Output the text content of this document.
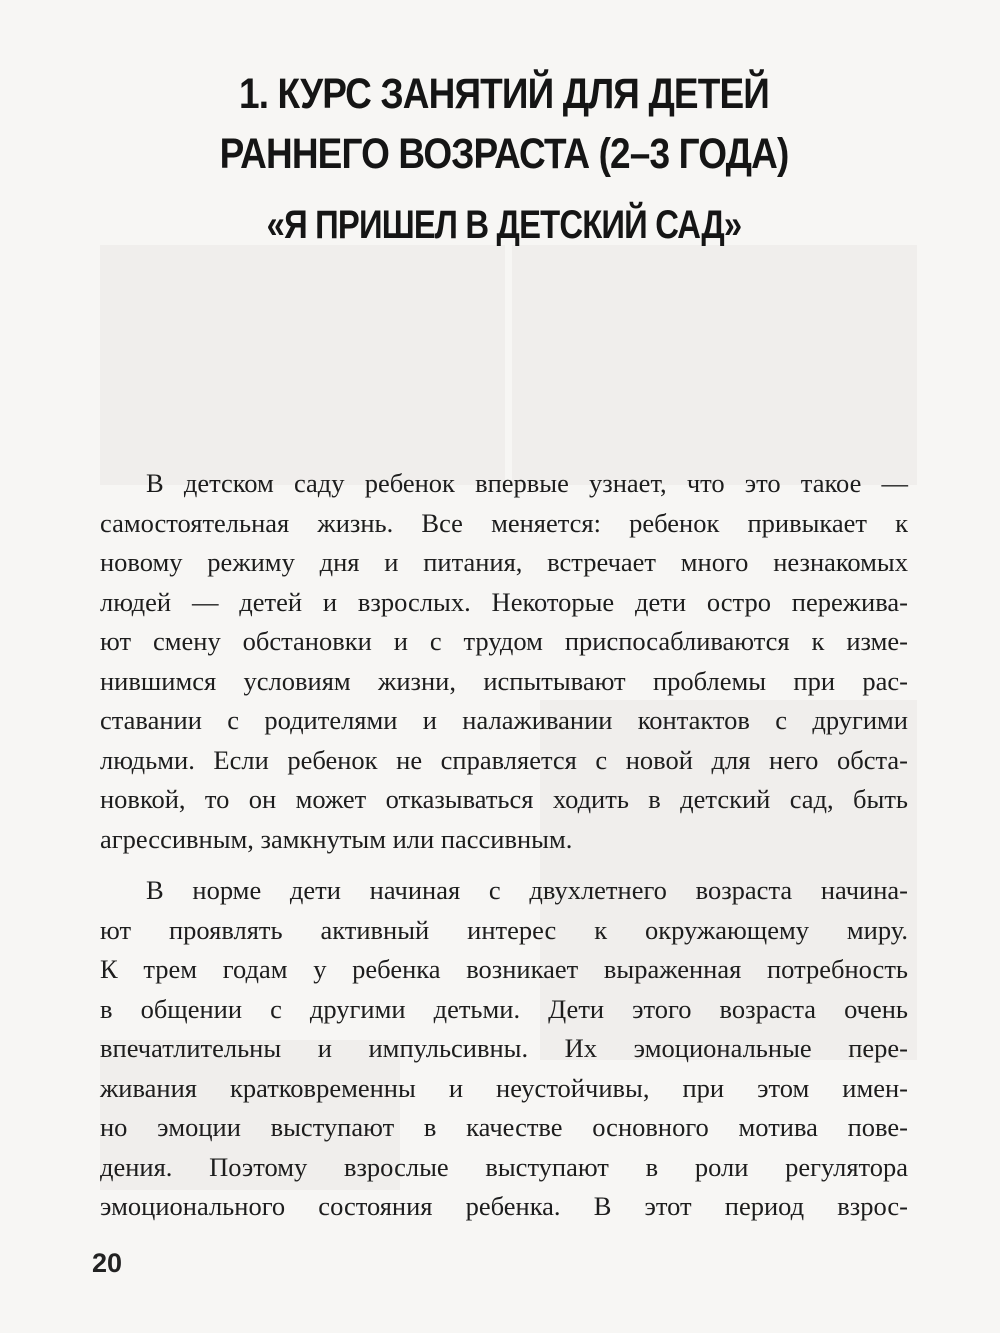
1. КУРС ЗАНЯТИЙ ДЛЯ ДЕТЕЙ
РАННЕГО ВОЗРАСТА (2–3 ГОДА)
«Я ПРИШЕЛ В ДЕТСКИЙ САД»
В детском саду ребенок впервые узнает, что это такое —
самостоятельная жизнь. Все меняется: ребенок привыкает к
новому режиму дня и питания, встречает много незнакомых
людей — детей и взрослых. Некоторые дети остро пережива-
ют смену обстановки и с трудом приспосабливаются к изме-
нившимся условиям жизни, испытывают проблемы при рас-
ставании с родителями и налаживании контактов с другими
людьми. Если ребенок не справляется с новой для него обста-
новкой, то он может отказываться ходить в детский сад, быть
агрессивным, замкнутым или пассивным.
В норме дети начиная с двухлетнего возраста начина-
ют проявлять активный интерес к окружающему миру.
К трем годам у ребенка возникает выраженная потребность
в общении с другими детьми. Дети этого возраста очень
впечатлительны и импульсивны. Их эмоциональные пере-
живания кратковременны и неустойчивы, при этом имен-
но эмоции выступают в качестве основного мотива пове-
дения. Поэтому взрослые выступают в роли регулятора
эмоционального состояния ребенка. В этот период взрос-
20
